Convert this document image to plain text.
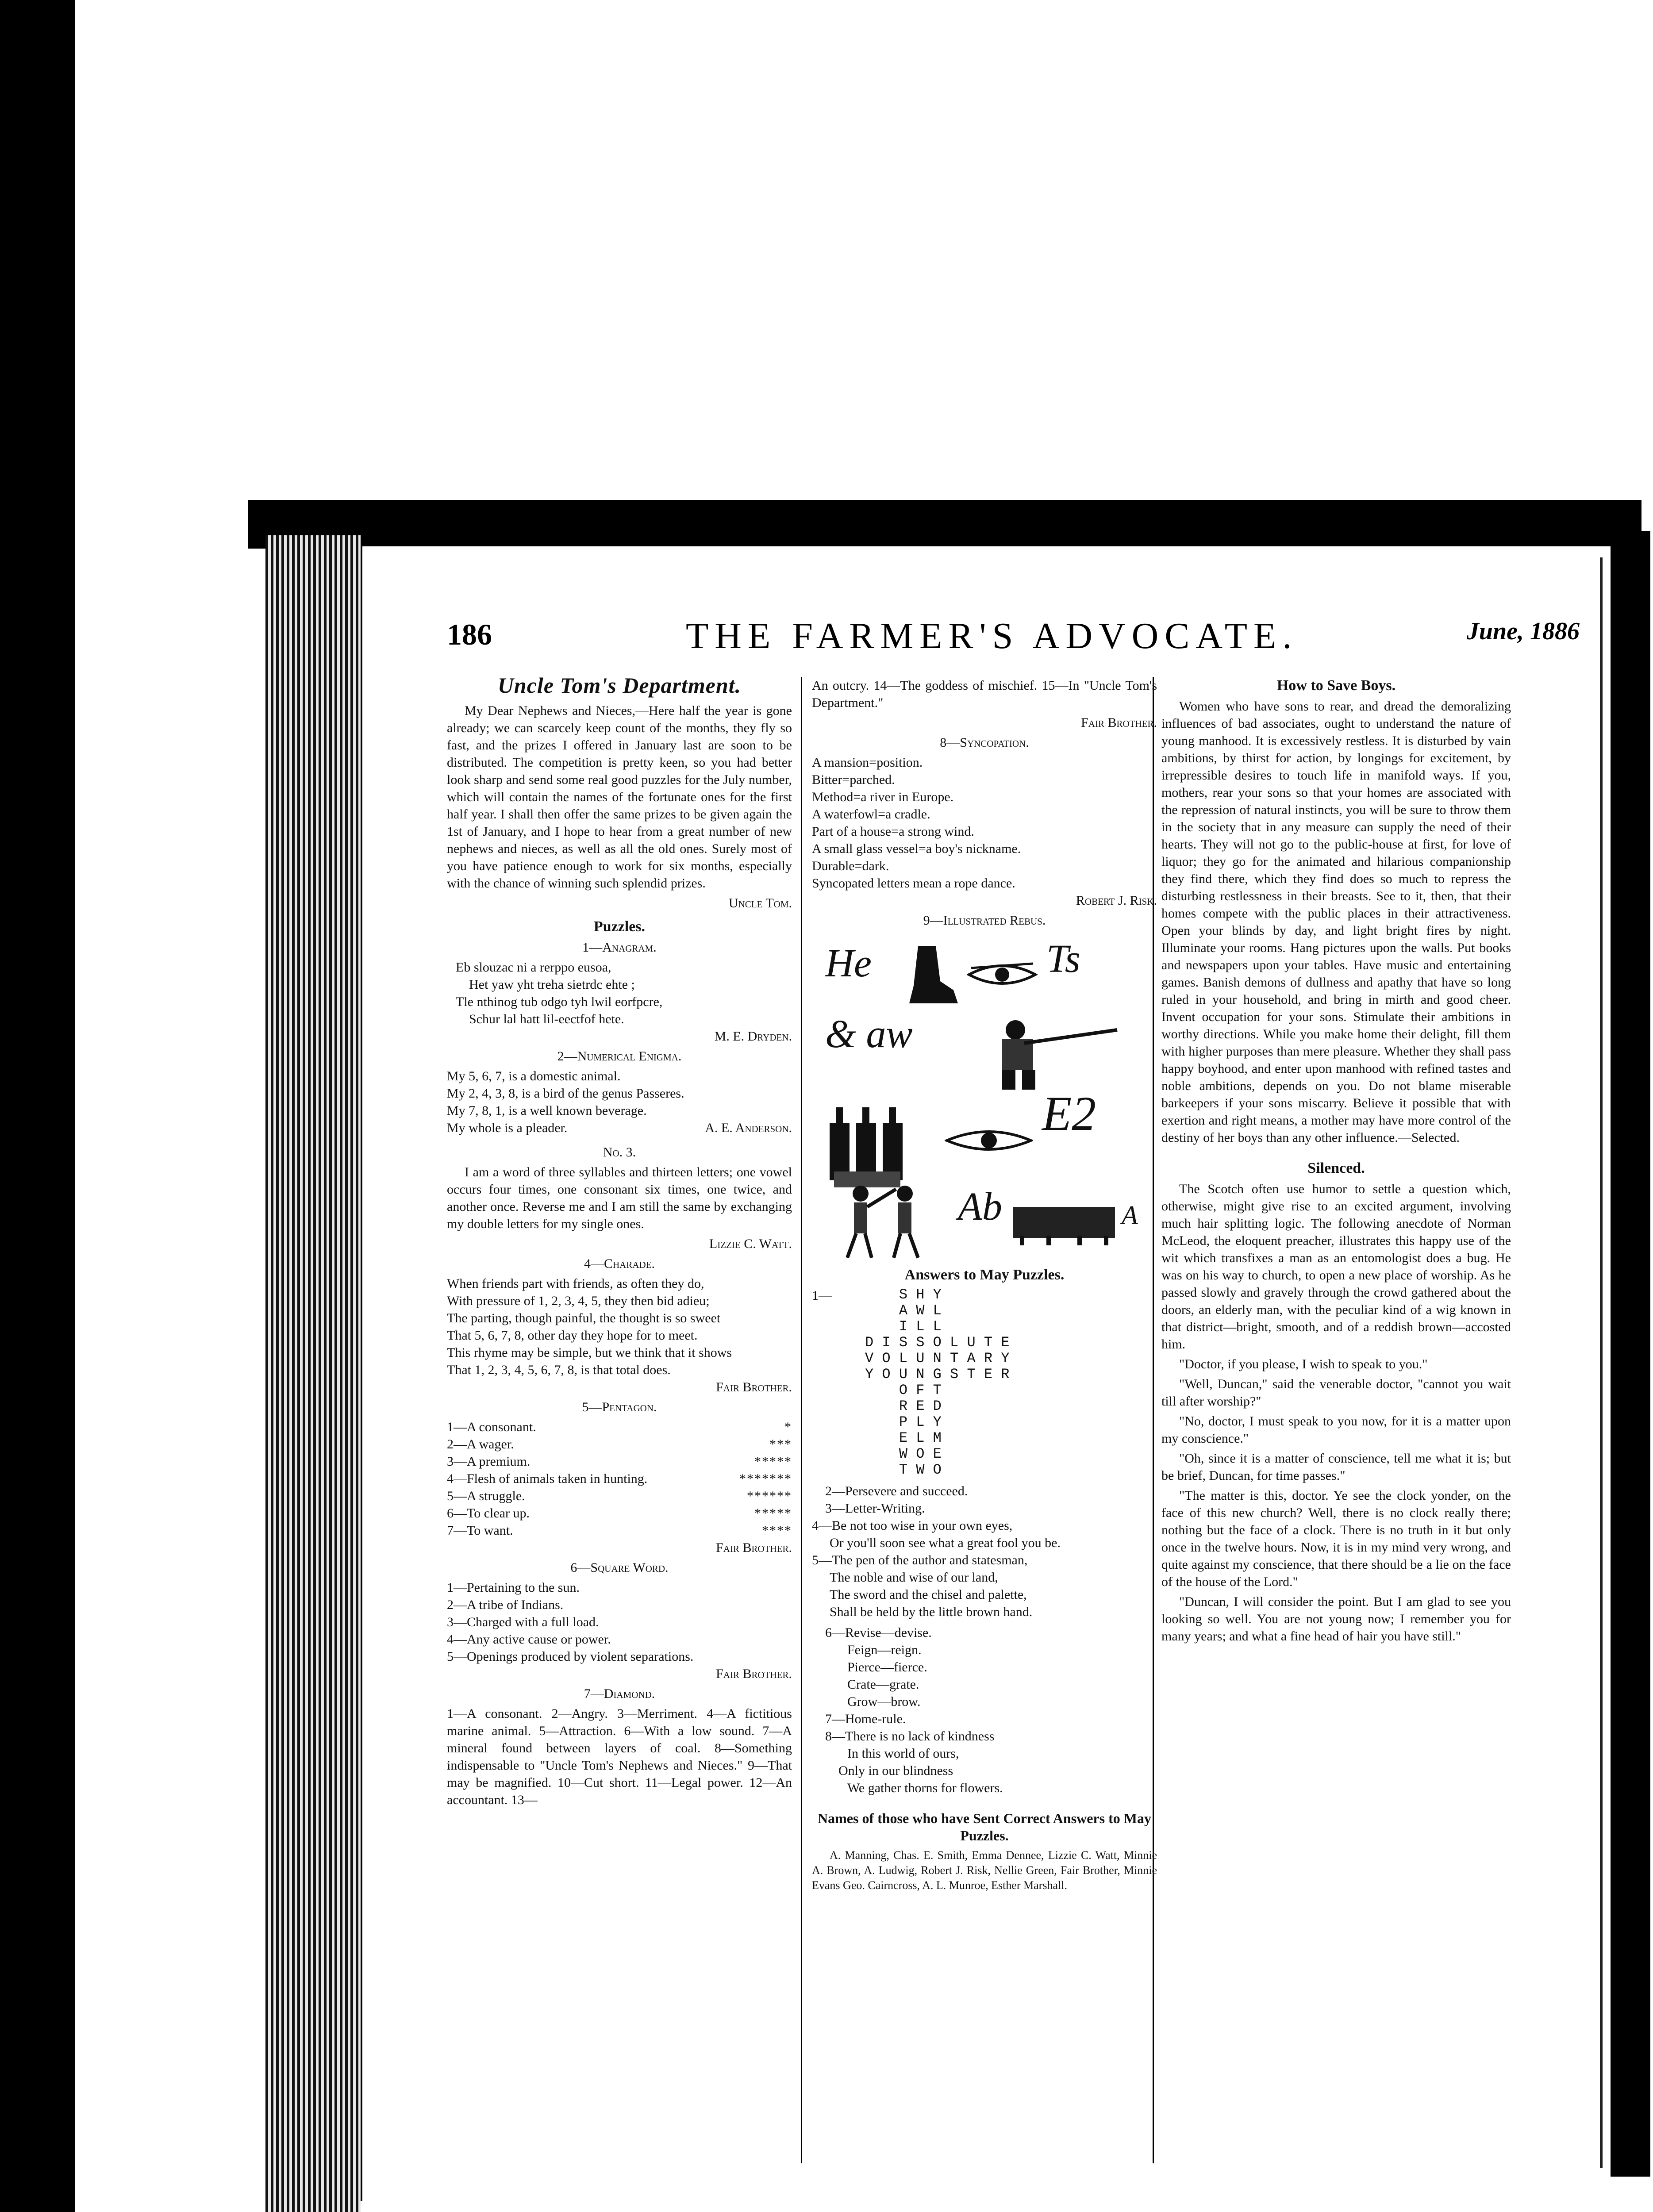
186	THE FARMER'S ADVOCATE.	June, 1886
Uncle Tom's Department.

My Dear Nephews and Nieces,—Here half the year is gone already; we can scarcely keep count of the months, they fly so fast, and the prizes I offered in January last are soon to be distributed. The competition is pretty keen, so you had better look sharp and send some real good puzzles for the July number, which will contain the names of the fortunate ones for the first half year. I shall then offer the same prizes to be given again the 1st of January, and I hope to hear from a great number of new nephews and nieces, as well as all the old ones. Surely most of you have patience enough to work for six months, especially with the chance of winning such splendid prizes.

Uncle Tom.

Puzzles.
1—Anagram.
Eb slouzac ni a rerppo eusoa,
Het yaw yht treha sietrdc ehte ;
Tle nthinog tub odgo tyh lwil eorfpcre,
Schur lal hatt lil-eectfof hete.

M. E. Dryden.

2—Numerical Enigma.
My 5, 6, 7, is a domestic animal.
My 2, 4, 3, 8, is a bird of the genus Passeres.
My 7, 8, 1, is a well known beverage.
My whole is a pleader.	A. E. Anderson.
No. 3.

I am a word of three syllables and thirteen letters; one vowel occurs four times, one consonant six times, one twice, and another once. Reverse me and I am still the same by exchanging my double letters for my single ones.

Lizzie C. Watt.

4—Charade.
When friends part with friends, as often they do,
With pressure of 1, 2, 3, 4, 5, they then bid adieu;
The parting, though painful, the thought is so sweet
That 5, 6, 7, 8, other day they hope for to meet.
This rhyme may be simple, but we think that it shows
That 1, 2, 3, 4, 5, 6, 7, 8, is that total does.

Fair Brother.

5—Pentagon.
1—A consonant.	*
2—A wager.	***
3—A premium.	*****
4—Flesh of animals taken in hunting.	*******
5—A struggle.	******
6—To clear up.	*****
7—To want.	****

Fair Brother.

6—Square Word.
1—Pertaining to the sun.
2—A tribe of Indians.
3—Charged with a full load.
4—Any active cause or power.
5—Openings produced by violent separations.

Fair Brother.

7—Diamond.

1—A consonant. 2—Angry. 3—Merriment. 4—A fictitious marine animal. 5—Attraction. 6—With a low sound. 7—A mineral found between layers of coal. 8—Something indispensable to "Uncle Tom's Nephews and Nieces." 9—That may be magnified. 10—Cut short. 11—Legal power. 12—An accountant. 13—

An outcry. 14—The goddess of mischief. 15—In "Uncle Tom's Department."

Fair Brother.

8—Syncopation.
A mansion=position.
Bitter=parched.
Method=a river in Europe.
A waterfowl=a cradle.
Part of a house=a strong wind.
A small glass vessel=a boy's nickname.
Durable=dark.
Syncopated letters mean a rope dance.

Robert J. Risk.

9—Illustrated Rebus.
He	Ts
& aw
E2
Ab	A
Answers to May Puzzles.
1— S H Y
A W L
I L L
D I S S O L U T E
V O L U N T A R Y
Y O U N G S T E R
O F T
R E D
P L Y
E L M
W O E
T W O
2—Persevere and succeed.
3—Letter-Writing.
4—Be not too wise in your own eyes,
Or you'll soon see what a great fool you be.
5—The pen of the author and statesman,
The noble and wise of our land,
The sword and the chisel and palette,
Shall be held by the little brown hand.
6—Revise—devise.
Feign—reign.
Pierce—fierce.
Crate—grate.
Grow—brow.
7—Home-rule.
8—There is no lack of kindness
In this world of ours,
Only in our blindness
We gather thorns for flowers.
Names of those who have Sent Correct Answers to May Puzzles.

A. Manning, Chas. E. Smith, Emma Dennee, Lizzie C. Watt, Minnie A. Brown, A. Ludwig, Robert J. Risk, Nellie Green, Fair Brother, Minnie Evans Geo. Cairncross, A. L. Munroe, Esther Marshall.

How to Save Boys.

Women who have sons to rear, and dread the demoralizing influences of bad associates, ought to understand the nature of young manhood. It is excessively restless. It is disturbed by vain ambitions, by thirst for action, by longings for excitement, by irrepressible desires to touch life in manifold ways. If you, mothers, rear your sons so that your homes are associated with the repression of natural instincts, you will be sure to throw them in the society that in any measure can supply the need of their hearts. They will not go to the public-house at first, for love of liquor; they go for the animated and hilarious companionship they find there, which they find does so much to repress the disturbing restlessness in their breasts. See to it, then, that their homes compete with the public places in their attractiveness. Open your blinds by day, and light bright fires by night. Illuminate your rooms. Hang pictures upon the walls. Put books and newspapers upon your tables. Have music and entertaining games. Banish demons of dullness and apathy that have so long ruled in your household, and bring in mirth and good cheer. Invent occupation for your sons. Stimulate their ambitions in worthy directions. While you make home their delight, fill them with higher purposes than mere pleasure. Whether they shall pass happy boyhood, and enter upon manhood with refined tastes and noble ambitions, depends on you. Do not blame miserable barkeepers if your sons miscarry. Believe it possible that with exertion and right means, a mother may have more control of the destiny of her boys than any other influence.—Selected.

Silenced.

The Scotch often use humor to settle a question which, otherwise, might give rise to an excited argument, involving much hair splitting logic. The following anecdote of Norman McLeod, the eloquent preacher, illustrates this happy use of the wit which transfixes a man as an entomologist does a bug. He was on his way to church, to open a new place of worship. As he passed slowly and gravely through the crowd gathered about the doors, an elderly man, with the peculiar kind of a wig known in that district—bright, smooth, and of a reddish brown—accosted him.

"Doctor, if you please, I wish to speak to you."

"Well, Duncan," said the venerable doctor, "cannot you wait till after worship?"

"No, doctor, I must speak to you now, for it is a matter upon my conscience."

"Oh, since it is a matter of conscience, tell me what it is; but be brief, Duncan, for time passes."

"The matter is this, doctor. Ye see the clock yonder, on the face of this new church? Well, there is no clock really there; nothing but the face of a clock. There is no truth in it but only once in the twelve hours. Now, it is in my mind very wrong, and quite against my conscience, that there should be a lie on the face of the house of the Lord."

"Duncan, I will consider the point. But I am glad to see you looking so well. You are not young now; I remember you for many years; and what a fine head of hair you have still."
